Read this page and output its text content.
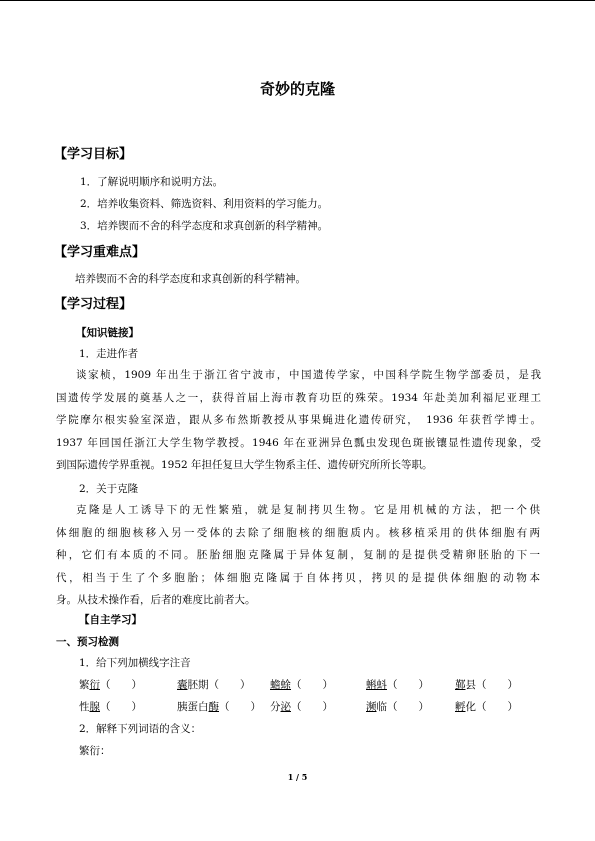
奇妙的克隆
【学习目标】
1．了解说明顺序和说明方法。
2．培养收集资料、筛选资料、利用资料的学习能力。
3．培养锲而不舍的科学态度和求真创新的科学精神。
【学习重难点】
培养锲而不舍的科学态度和求真创新的科学精神。
【学习过程】
【知识链接】
1．走进作者
谈家桢，1909 年出生于浙江省宁波市，中国遗传学家，中国科学院生物学部委员，是我
国遗传学发展的奠基人之一，获得首届上海市教育功臣的殊荣。1934 年赴美加利福尼亚理工
学院摩尔根实验室深造，跟从多布然斯教授从事果蝇进化遗传研究，　1936 年获哲学博士。
1937 年回国任浙江大学生物学教授。1946 年在亚洲异色瓢虫发现色斑嵌镶显性遗传现象，受
到国际遗传学界重视。1952 年担任复旦大学生物系主任、遗传研究所所长等职。
2．关于克隆
克隆是人工诱导下的无性繁殖，就是复制拷贝生物。它是用机械的方法，把一个供
体细胞的细胞核移入另一受体的去除了细胞核的细胞质内。核移植采用的供体细胞有两
种，它们有本质的不同。胚胎细胞克隆属于异体复制，复制的是提供受精卵胚胎的下一
代，相当于生了个多胞胎；体细胞克隆属于自体拷贝，拷贝的是提供体细胞的动物本
身。从技术操作看，后者的难度比前者大。
【自主学习】
一、预习检测
1．给下列加横线字注音
繁衍（　　）	囊胚期（　　） 蟾蜍（　　）	蝌蚪（　　） 鄞县（　　）
性腺（　　）	胰蛋白酶（　　） 分泌（　　）	濒临（　　） 孵化（　　）
2．解释下列词语的含义：
繁衍：
1 / 5
